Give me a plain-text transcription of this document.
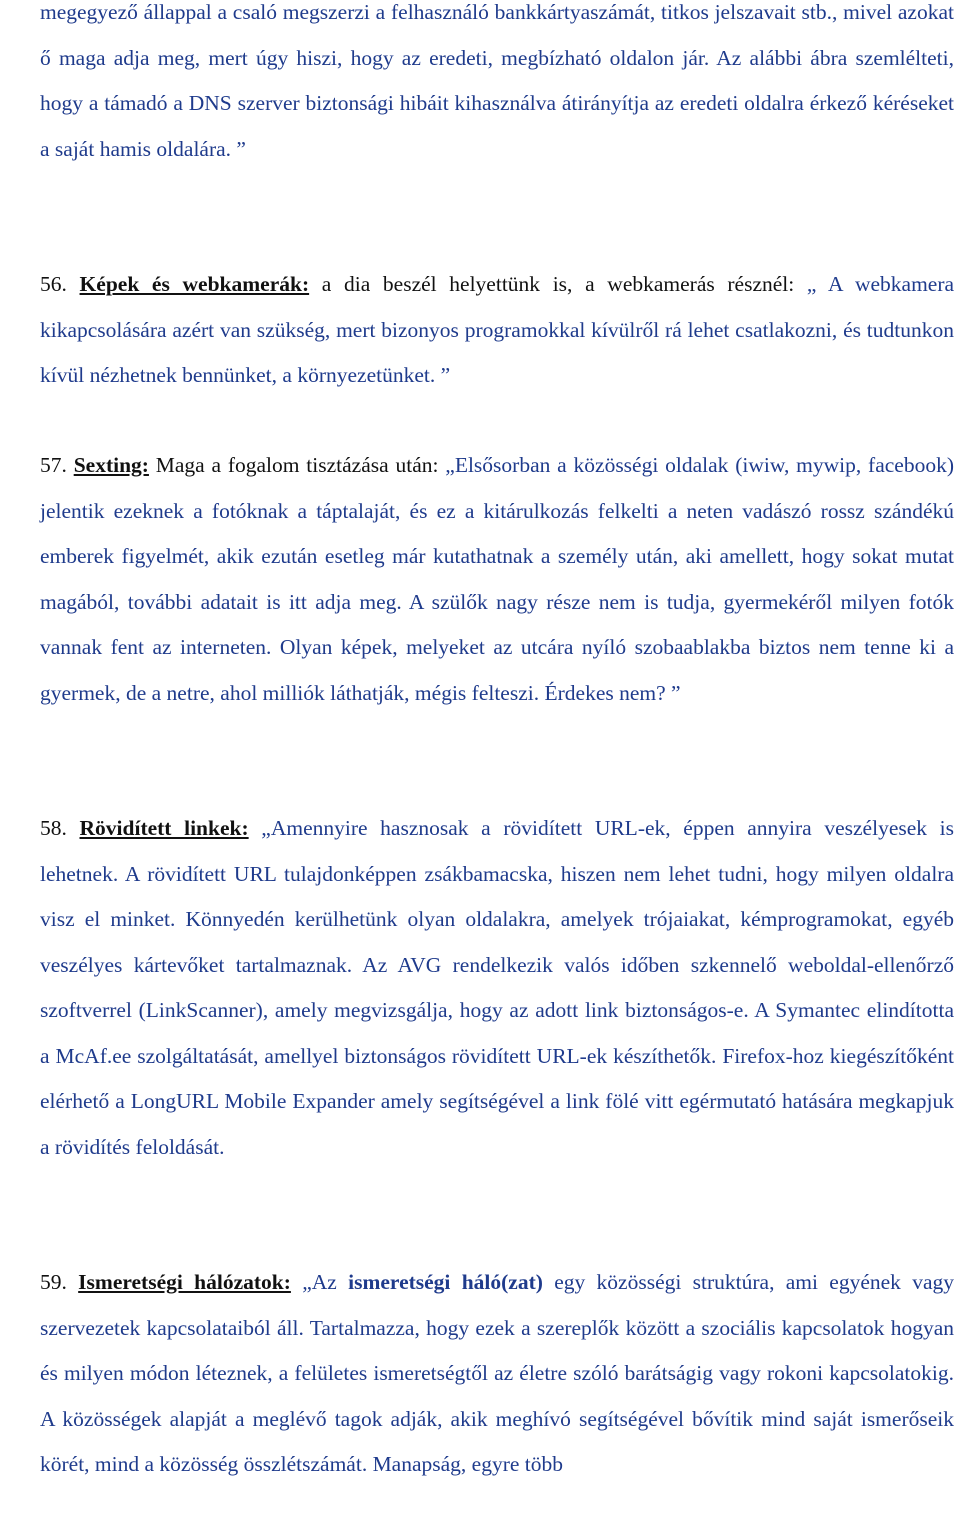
megegyező állappal a csaló megszerzi a felhasználó bankkártyaszámát, titkos jelszavait stb., mivel azokat ő maga adja meg, mert úgy hiszi, hogy az eredeti, megbízható oldalon jár. Az alábbi ábra szemlélteti, hogy a támadó a DNS szerver biztonsági hibáit kihasználva átirányítja az eredeti oldalra érkező kéréseket a saját hamis oldalára. ”

56. Képek és webkamerák: a dia beszél helyettünk is, a webkamerás résznél: „ A webkamera kikapcsolására azért van szükség, mert bizonyos programokkal kívülről rá lehet csatlakozni, és tudtunkon kívül nézhetnek bennünket, a környezetünket. ”

57. Sexting: Maga a fogalom tisztázása után: „Elsősorban a közösségi oldalak (iwiw, mywip, facebook) jelentik ezeknek a fotóknak a táptalaját, és ez a kitárulkozás felkelti a neten vadászó rossz szándékú emberek figyelmét, akik ezután esetleg már kutathatnak a személy után, aki amellett, hogy sokat mutat magából, további adatait is itt adja meg. A szülők nagy része nem is tudja, gyermekéről milyen fotók vannak fent az interneten. Olyan képek, melyeket az utcára nyíló szobaablakba biztos nem tenne ki a gyermek, de a netre, ahol milliók láthatják, mégis felteszi. Érdekes nem? ”

58. Rövidített linkek: „Amennyire hasznosak a rövidített URL-ek, éppen annyira veszélyesek is lehetnek. A rövidített URL tulajdonképpen zsákbamacska, hiszen nem lehet tudni, hogy milyen oldalra visz el minket. Könnyedén kerülhetünk olyan oldalakra, amelyek trójaiakat, kémprogramokat, egyéb veszélyes kártevőket tartalmaznak. Az AVG rendelkezik valós időben szkennelő weboldal-ellenőrző szoftverrel (LinkScanner), amely megvizsgálja, hogy az adott link biztonságos-e. A Symantec elindította a McAf.ee szolgáltatását, amellyel biztonságos rövidített URL-ek készíthetők. Firefox-hoz kiegészítőként elérhető a LongURL Mobile Expander amely segítségével a link fölé vitt egérmutató hatására megkapjuk a rövidítés feloldását.

59. Ismeretségi hálózatok: „Az ismeretségi háló(zat) egy közösségi struktúra, ami egyének vagy szervezetek kapcsolataiból áll. Tartalmazza, hogy ezek a szereplők között a szociális kapcsolatok hogyan és milyen módon léteznek, a felületes ismeretségtől az életre szóló barátságig vagy rokoni kapcsolatokig. A közösségek alapját a meglévő tagok adják, akik meghívó segítségével bővítik mind saját ismerőseik körét, mind a közösség összlétszámát. Manapság, egyre több
